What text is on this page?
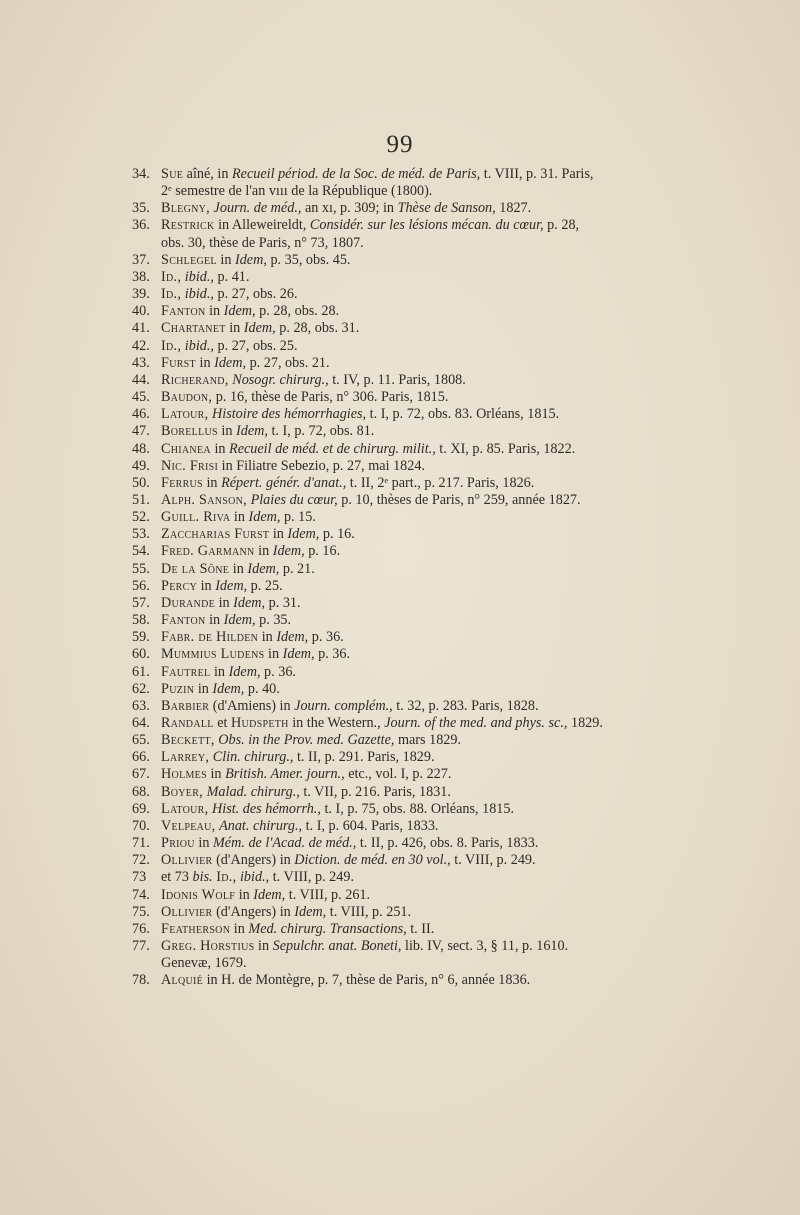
99
34. Sue aîné, in Recueil périod. de la Soc. de méd. de Paris, t. VIII, p. 31. Paris,
2ᵉ semestre de l'an vııı de la République (1800).
35. Blegny, Journ. de méd., an xı, p. 309; in Thèse de Sanson, 1827.
36. Restrick in Alleweireldt, Considér. sur les lésions mécan. du cœur, p. 28,
obs. 30, thèse de Paris, n° 73, 1807.
37. Schlegel in Idem, p. 35, obs. 45.
38. Id., ibid., p. 41.
39. Id., ibid., p. 27, obs. 26.
40. Fanton in Idem, p. 28, obs. 28.
41. Chartanet in Idem, p. 28, obs. 31.
42. Id., ibid., p. 27, obs. 25.
43. Furst in Idem, p. 27, obs. 21.
44. Richerand, Nosogr. chirurg., t. IV, p. 11. Paris, 1808.
45. Baudon, p. 16, thèse de Paris, n° 306. Paris, 1815.
46. Latour, Histoire des hémorrhagies, t. I, p. 72, obs. 83. Orléans, 1815.
47. Borellus in Idem, t. I, p. 72, obs. 81.
48. Chianea in Recueil de méd. et de chirurg. milit., t. XI, p. 85. Paris, 1822.
49. Nic. Frisi in Filiatre Sebezio, p. 27, mai 1824.
50. Ferrus in Répert. génér. d'anat., t. II, 2ᵉ part., p. 217. Paris, 1826.
51. Alph. Sanson, Plaies du cœur, p. 10, thèses de Paris, n° 259, année 1827.
52. Guill. Riva in Idem, p. 15.
53. Zaccharias Furst in Idem, p. 16.
54. Fred. Garmann in Idem, p. 16.
55. De la Sône in Idem, p. 21.
56. Percy in Idem, p. 25.
57. Durande in Idem, p. 31.
58. Fanton in Idem, p. 35.
59. Fabr. de Hilden in Idem, p. 36.
60. Mummius Ludens in Idem, p. 36.
61. Fautrel in Idem, p. 36.
62. Puzin in Idem, p. 40.
63. Barbier (d'Amiens) in Journ. complém., t. 32, p. 283. Paris, 1828.
64. Randall et Hudspeth in the Western., Journ. of the med. and phys. sc., 1829.
65. Beckett, Obs. in the Prov. med. Gazette, mars 1829.
66. Larrey, Clin. chirurg., t. II, p. 291. Paris, 1829.
67. Holmes in British. Amer. journ., etc., vol. I, p. 227.
68. Boyer, Malad. chirurg., t. VII, p. 216. Paris, 1831.
69. Latour, Hist. des hémorrh., t. I, p. 75, obs. 88. Orléans, 1815.
70. Velpeau, Anat. chirurg., t. I, p. 604. Paris, 1833.
71. Priou in Mém. de l'Acad. de méd., t. II, p. 426, obs. 8. Paris, 1833.
72. Ollivier (d'Angers) in Diction. de méd. en 30 vol., t. VIII, p. 249.
73 et 73 bis. Id., ibid., t. VIII, p. 249.
74. Idonis Wolf in Idem, t. VIII, p. 261.
75. Ollivier (d'Angers) in Idem, t. VIII, p. 251.
76. Featherson in Med. chirurg. Transactions, t. II.
77. Greg. Horstius in Sepulchr. anat. Boneti, lib. IV, sect. 3, § 11, p. 1610.
Genevæ, 1679.
78. Alquié in H. de Montègre, p. 7, thèse de Paris, n° 6, année 1836.
